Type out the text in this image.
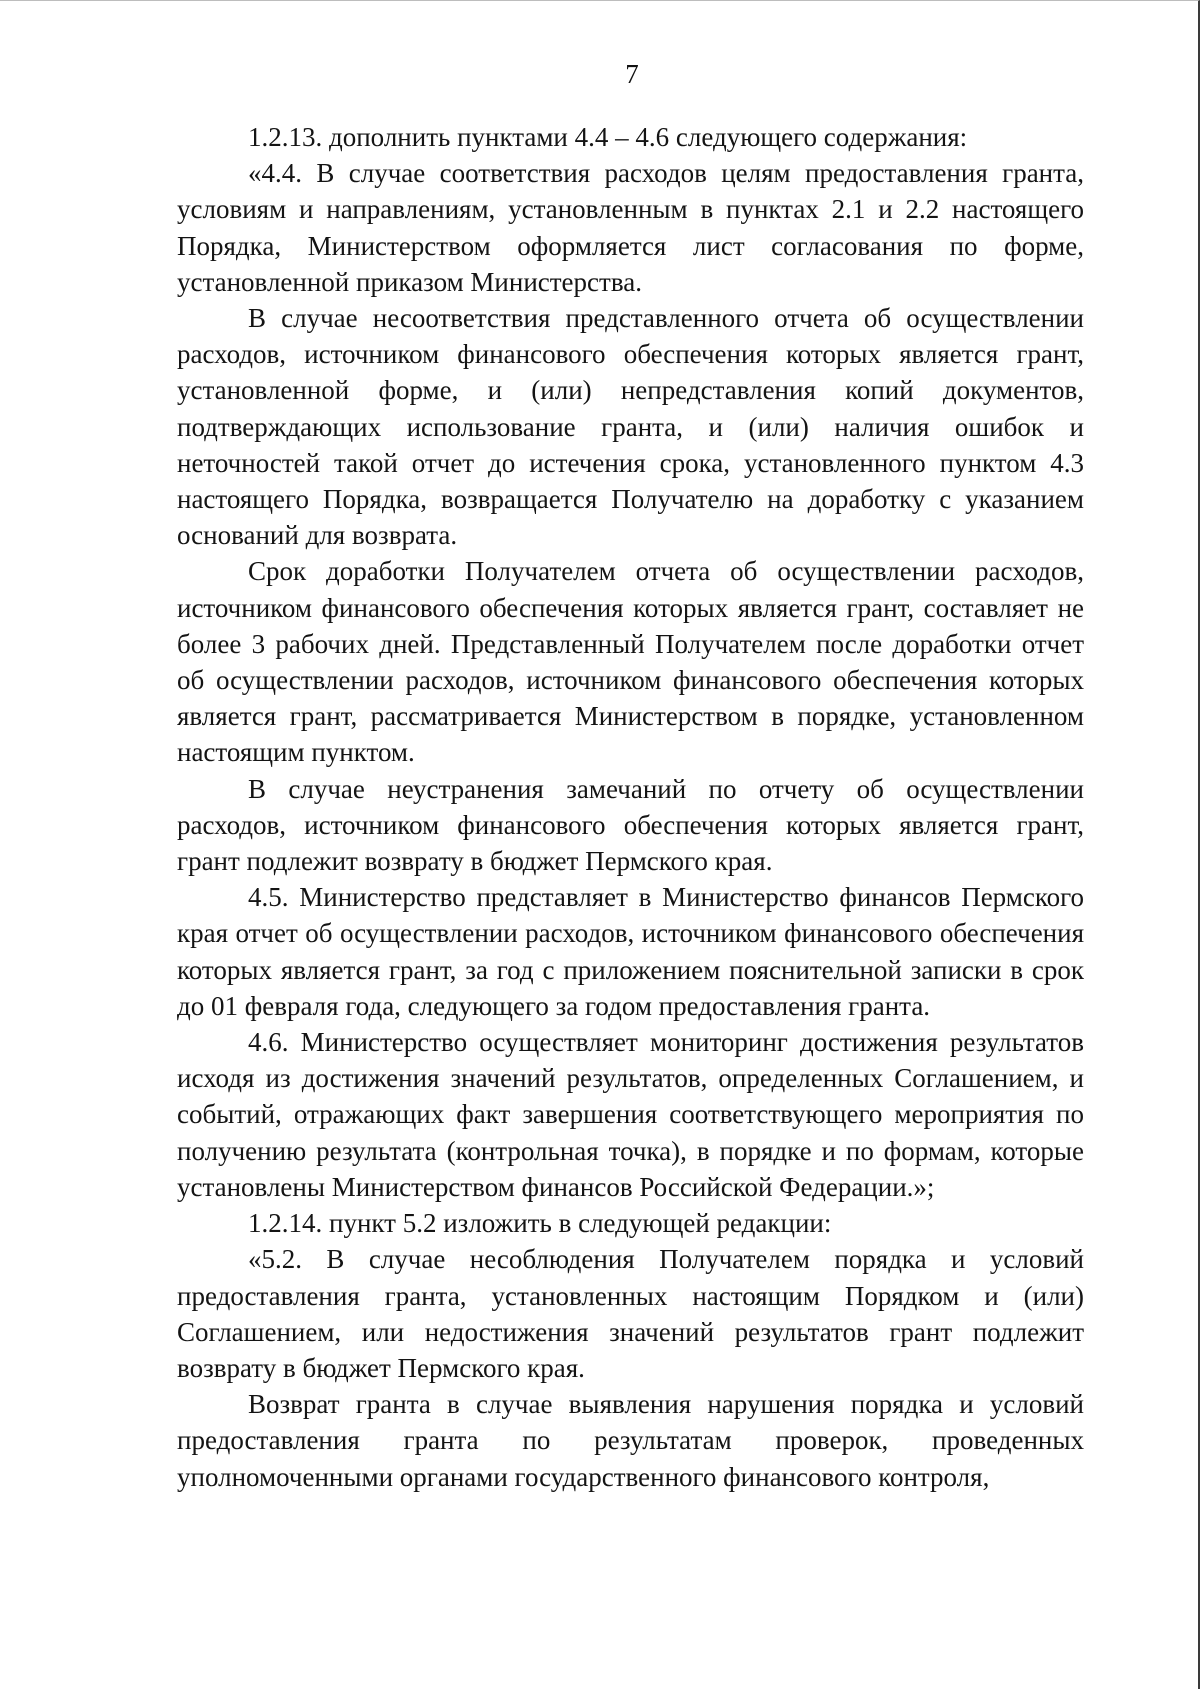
7

1.2.13. дополнить пунктами 4.4 – 4.6 следующего содержания:

«4.4. В случае соответствия расходов целям предоставления гранта, условиям и направлениям, установленным в пунктах 2.1 и 2.2 настоящего Порядка, Министерством оформляется лист согласования по форме, установленной приказом Министерства.

В случае несоответствия представленного отчета об осуществлении расходов, источником финансового обеспечения которых является грант, установленной форме, и (или) непредставления копий документов, подтверждающих использование гранта, и (или) наличия ошибок и неточностей такой отчет до истечения срока, установленного пунктом 4.3 настоящего Порядка, возвращается Получателю на доработку с указанием оснований для возврата.

Срок доработки Получателем отчета об осуществлении расходов, источником финансового обеспечения которых является грант, составляет не более 3 рабочих дней. Представленный Получателем после доработки отчет об осуществлении расходов, источником финансового обеспечения которых является грант, рассматривается Министерством в порядке, установленном настоящим пунктом.

В случае неустранения замечаний по отчету об осуществлении расходов, источником финансового обеспечения которых является грант, грант подлежит возврату в бюджет Пермского края.

4.5. Министерство представляет в Министерство финансов Пермского края отчет об осуществлении расходов, источником финансового обеспечения которых является грант, за год с приложением пояснительной записки в срок до 01 февраля года, следующего за годом предоставления гранта.

4.6. Министерство осуществляет мониторинг достижения результатов исходя из достижения значений результатов, определенных Соглашением, и событий, отражающих факт завершения соответствующего мероприятия по получению результата (контрольная точка), в порядке и по формам, которые установлены Министерством финансов Российской Федерации.»;

1.2.14. пункт 5.2 изложить в следующей редакции:

«5.2. В случае несоблюдения Получателем порядка и условий предоставления гранта, установленных настоящим Порядком и (или) Соглашением, или недостижения значений результатов грант подлежит возврату в бюджет Пермского края.

Возврат гранта в случае выявления нарушения порядка и условий предоставления гранта по результатам проверок, проведенных уполномоченными органами государственного финансового контроля,
